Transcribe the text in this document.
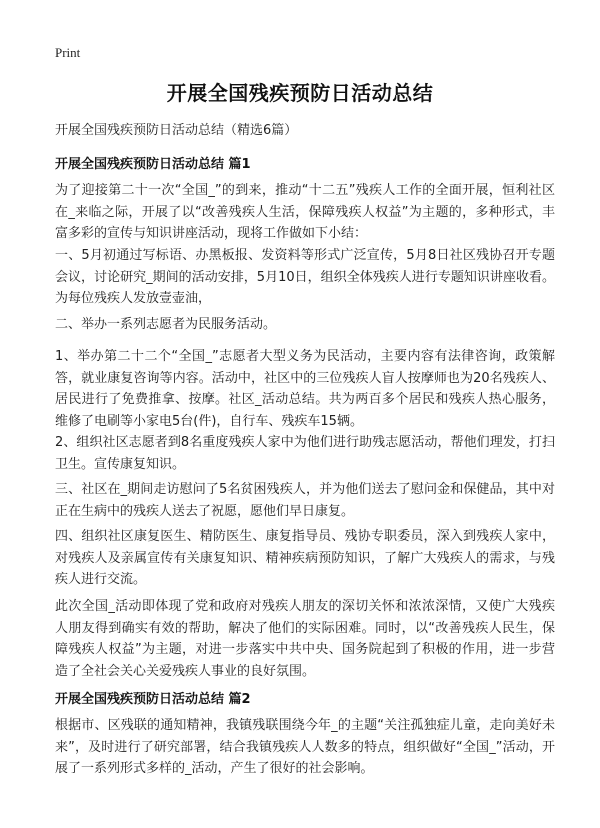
Print
开展全国残疾预防日活动总结
开展全国残疾预防日活动总结（精选6篇）
开展全国残疾预防日活动总结 篇1
为了迎接第二十一次“全国_”的到来，推动“十二五”残疾人工作的全面开展，恒利社区在_来临之际，开展了以“改善残疾人生活，保障残疾人权益”为主题的，多种形式，丰富多彩的宣传与知识讲座活动，现将工作做如下小结：
一、5月初通过写标语、办黑板报、发资料等形式广泛宣传，5月8日社区残协召开专题会议，讨论研究_期间的活动安排，5月10日，组织全体残疾人进行专题知识讲座收看。为每位残疾人发放壹壶油，
二、举办一系列志愿者为民服务活动。
1、举办第二十二个“全国_”志愿者大型义务为民活动，主要内容有法律咨询，政策解答，就业康复咨询等内容。活动中，社区中的三位残疾人盲人按摩师也为20名残疾人、居民进行了免费推拿、按摩。社区_活动总结。共为两百多个居民和残疾人热心服务，维修了电刷等小家电5台(件)，自行车、残疾车15辆。
2、组织社区志愿者到8名重度残疾人家中为他们进行助残志愿活动，帮他们理发，打扫卫生。宣传康复知识。
三、社区在_期间走访慰问了5名贫困残疾人，并为他们送去了慰问金和保健品，其中对正在生病中的残疾人送去了祝愿，愿他们早日康复。
四、组织社区康复医生、精防医生、康复指导员、残协专职委员，深入到残疾人家中，对残疾人及亲属宣传有关康复知识、精神疾病预防知识，了解广大残疾人的需求，与残疾人进行交流。
此次全国_活动即体现了党和政府对残疾人朋友的深切关怀和浓浓深情，又使广大残疾人朋友得到确实有效的帮助，解决了他们的实际困难。同时，以“改善残疾人民生，保障残疾人权益”为主题，对进一步落实中共中央、国务院起到了积极的作用，进一步营造了全社会关心关爱残疾人事业的良好氛围。
开展全国残疾预防日活动总结 篇2
根据市、区残联的通知精神，我镇残联围绕今年_的主题“关注孤独症儿童，走向美好未来”，及时进行了研究部署，结合我镇残疾人人数多的特点，组织做好“全国_”活动，开展了一系列形式多样的_活动，产生了很好的社会影响。
